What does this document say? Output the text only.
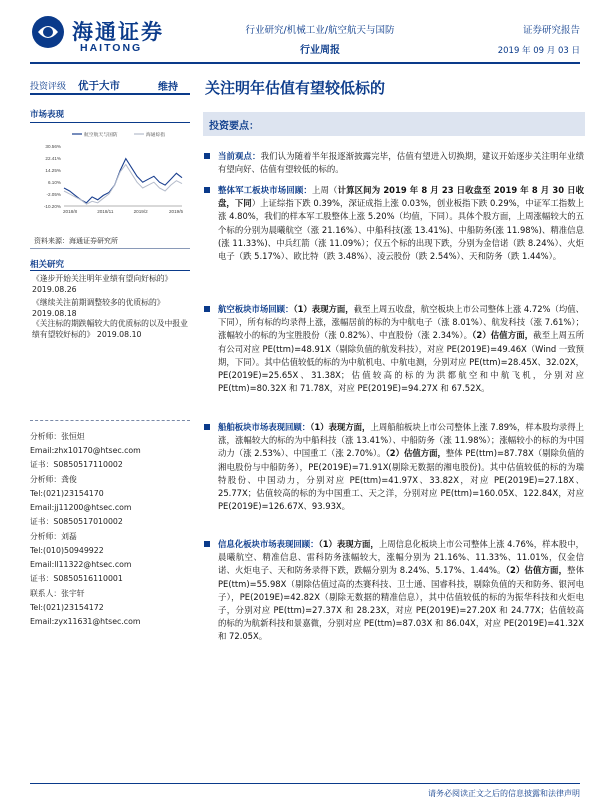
海通证券
HAITONG
行业研究/机械工业/航空航天与国防
行业周报
证券研究报告
2019 年 09 月 03 日
投资评级 优于大市	维持 关注明年估值有望较低标的
市场表现
30.56%
22.41%
14.25%
6.10%
-2.05%
-10.20%
2018/8	2018/11	2019/2	2019/5
航空航天与国防	海通综指
资料来源：海通证券研究所
相关研究
《逢步开始关注明年业绩有望向好标的》
2019.08.26
《继续关注前期调整较多的优质标的》
2019.08.18
《关注标的期跌幅较大的优质标的以及中报业绩有望较好标的》 2019.08.10
分析师：张恒炟
Email:zhx10170@htsec.com
证书：S0850517110002
分析师：龚俊
Tel:(021)23154170
Email:jj11200@htsec.com
证书：S0850517010002
分析师：刘磊
Tel:(010)50949922
Email:ll11322@htsec.com
证书：S0850516110001
联系人：张宇轩
Tel:(021)23154172
Email:zyx11631@htsec.com
投资要点：
当前观点：我们认为随着半年报逐渐披露完毕，估值有望进入切换期，建议开始逐步关注明年业绩有望向好、估值有望较低的标的。
整体军工板块市场回顾：上周（计算区间为 2019 年 8 月 23 日收盘至 2019 年 8 月 30 日收盘，下同）上证综指下跌 0.39%，深证成指上涨 0.03%，创业板指下跌 0.29%，中证军工指数上涨 4.80%，我们的样本军工股整体上涨 5.20%（均值，下同）。具体个股方面，上周涨幅较大的五个标的分别为晨曦航空（涨 21.16%）、中船科技(涨 13.41%)、中船防务(涨 11.98%)、精准信息(涨 11.33%)、中兵红箭（涨 11.09%）；仅五个标的出现下跌，分别为金信诺（跌 8.24%）、火炬电子（跌 5.17%）、欧比特（跌 3.48%）、凌云股份（跌 2.54%）、天和防务（跌 1.44%）。
航空板块市场回顾：（1）表现方面，截至上周五收盘，航空板块上市公司整体上涨 4.72%（均值、下同），所有标的均录得上涨，涨幅居前的标的为中航电子（涨 8.01%）、航发科技（涨 7.61%）；涨幅较小的标的为宝胜股份（涨 0.82%）、中直股份（涨 2.34%）。（2）估值方面，截至上周五所有公司对应 PE(ttm)=48.91X（剔除负值的航发科技），对应 PE(2019E)=49.46X（Wind 一致预期，下同）。其中估值较低的标的为中航机电、中航电测，分别对应 PE(ttm)=28.45X、32.02X，PE(2019E)=25.65X、31.38X；估值较高的标的为洪都航空和中航飞机，分别对应 PE(ttm)=80.32X 和 71.78X，对应 PE(2019E)=94.27X 和 67.52X。
船舶板块市场表现回顾：（1）表现方面，上周船舶板块上市公司整体上涨 7.89%，样本股均录得上涨，涨幅较大的标的为中船科技（涨 13.41%）、中船防务（涨 11.98%）；涨幅较小的标的为中国动力（涨 2.53%）、中国重工（涨 2.70%）。（2）估值方面，整体 PE(ttm)=87.78X（剔除负值的湘电股份与中船防务），PE(2019E)=71.91X(剔除无数据的湘电股份)。其中估值较低的标的为瑞特股份、中国动力，分别对应 PE(ttm)=41.97X、33.82X，对应 PE(2019E)=27.18X、25.77X；估值较高的标的为中国重工、天之洋，分别对应 PE(ttm)=160.05X、122.84X，对应 PE(2019E)=126.67X、93.93X。
信息化板块市场表现回顾：（1）表现方面，上周信息化板块上市公司整体上涨 4.76%，样本股中，晨曦航空、精准信息、雷科防务涨幅较大，涨幅分别为 21.16%、11.33%、11.01%，仅金信诺、火炬电子、天和防务录得下跌，跌幅分别为 8.24%、5.17%、1.44%。（2）估值方面，整体 PE(ttm)=55.98X（剔除估值过高的杰赛科技、卫士通、国睿科技，剔除负值的天和防务、银河电子），PE(2019E)=42.82X（剔除无数据的精准信息），其中估值较低的标的为振华科技和火炬电子，分别对应 PE(ttm)=27.37X 和 28.23X，对应 PE(2019E)=27.20X 和 24.77X；估值较高的标的为航新科技和景嘉微，分别对应 PE(ttm)=87.03X 和 86.04X，对应 PE(2019E)=41.32X 和 72.05X。
请务必阅读正文之后的信息披露和法律声明
